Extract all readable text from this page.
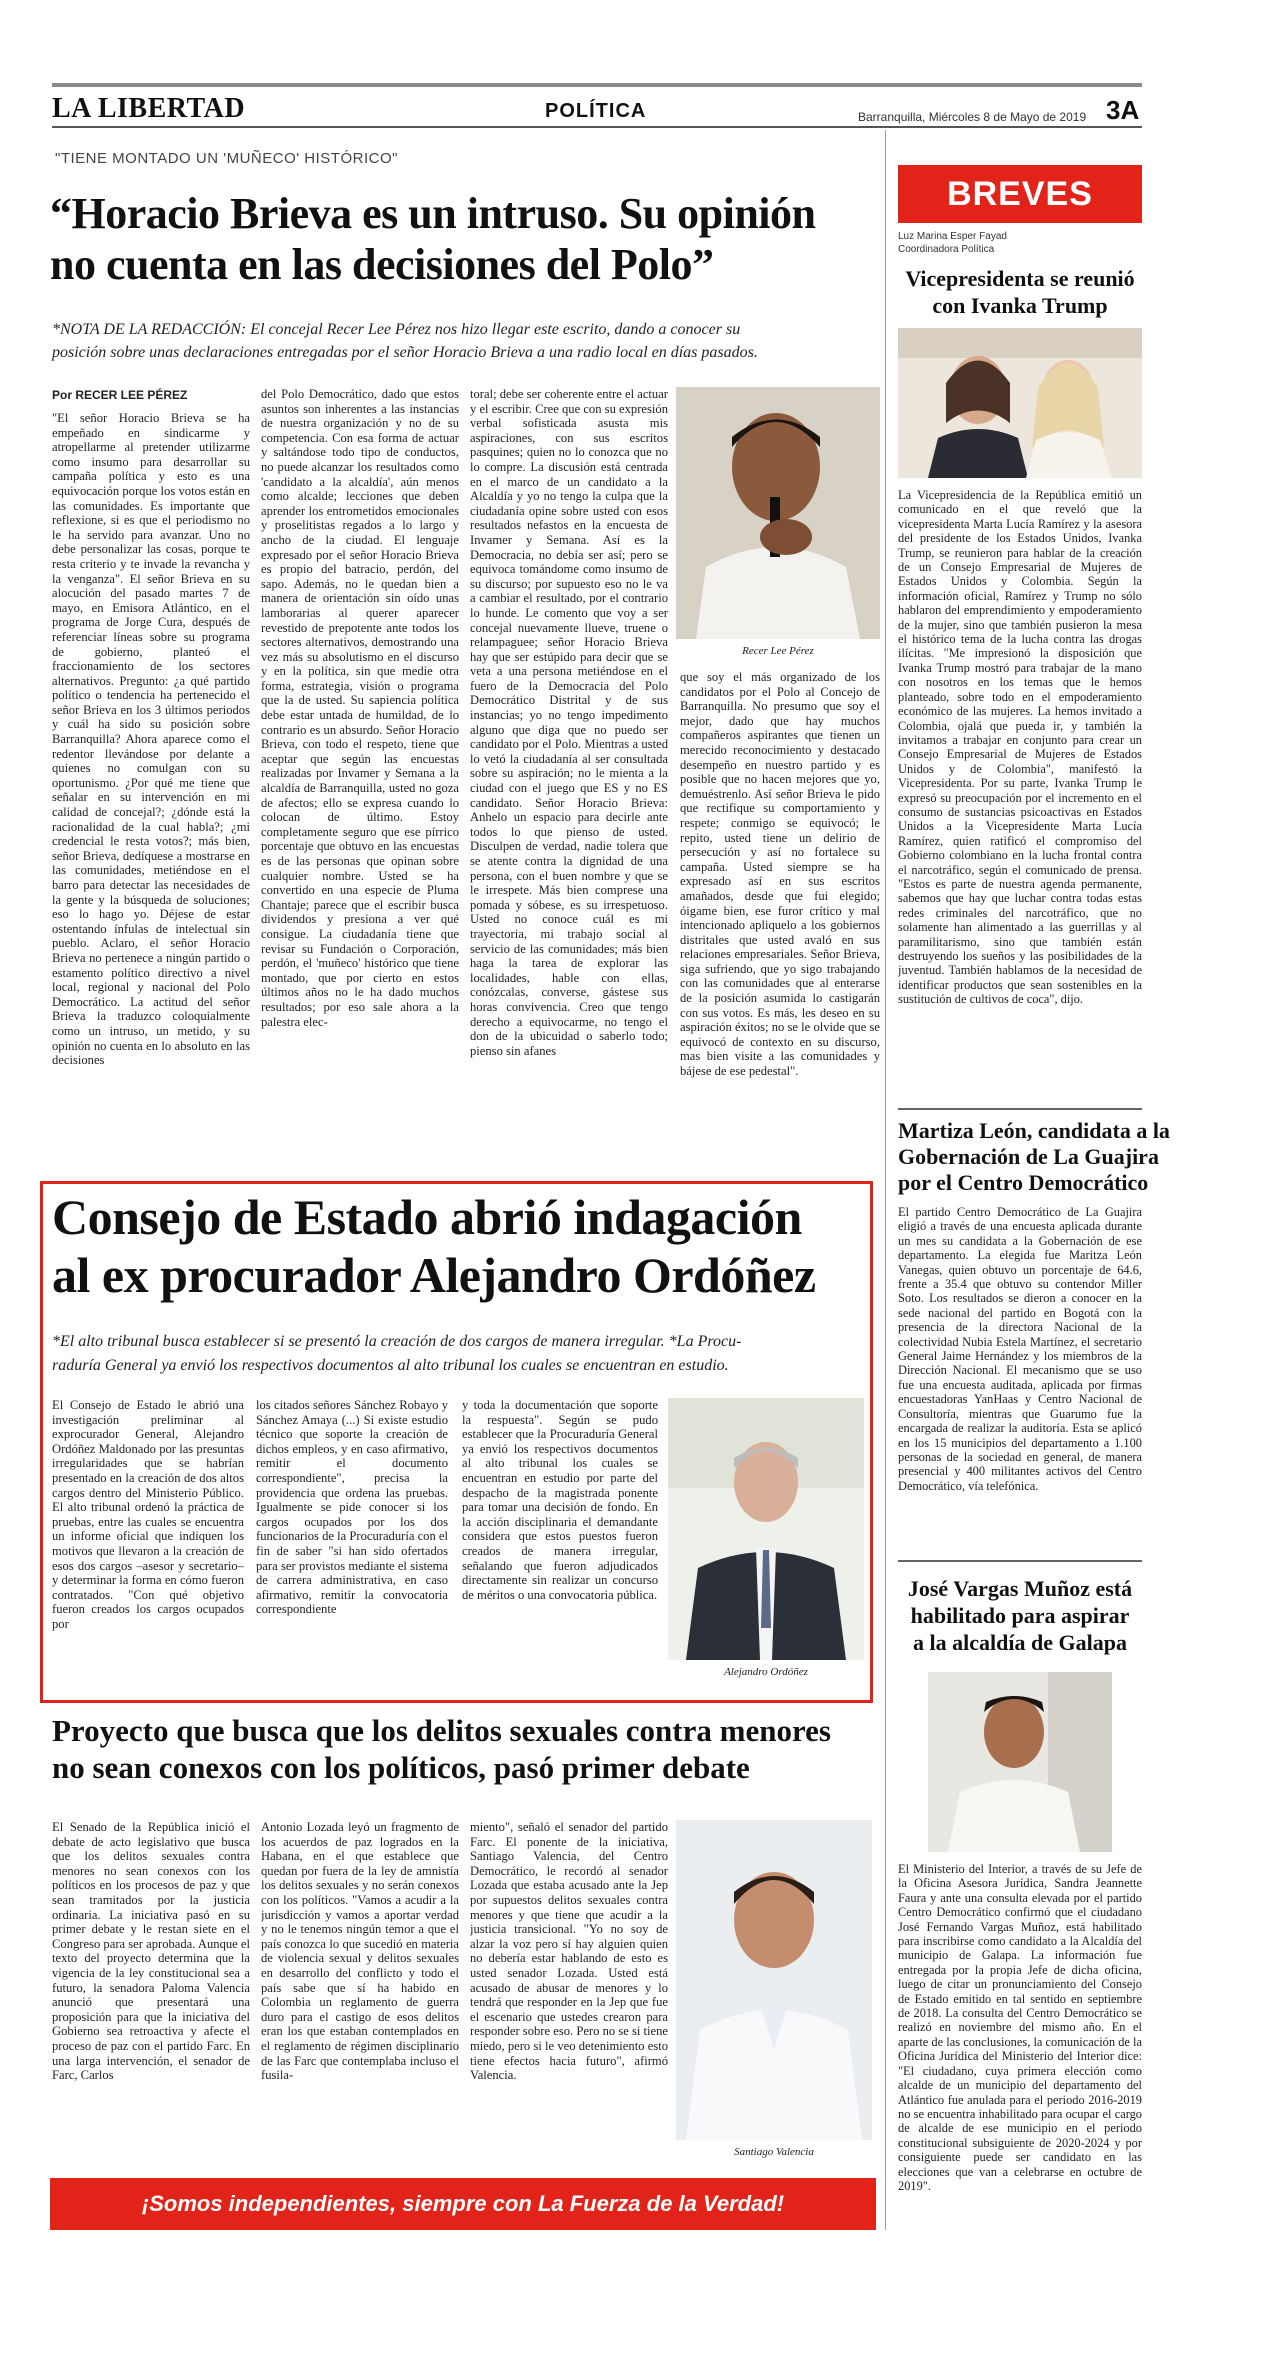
LA LIBERTAD	POLÍTICA	Barranquilla, Miércoles 8 de Mayo de 2019 3A
"TIENE MONTADO UN 'MUÑECO' HISTÓRICO"
“Horacio Brieva es un intruso. Su opinión
no cuenta en las decisiones del Polo”
*NOTA DE LA REDACCIÓN: El concejal Recer Lee Pérez nos hizo llegar este escrito, dando a conocer su
posición sobre unas declaraciones entregadas por el señor Horacio Brieva a una radio local en días pasados.
Por RECER LEE PÉREZ
"El señor Horacio Brieva se ha empeñado en sindicarme y atropellarme al pretender utilizarme como insumo para desarrollar su campaña política y esto es una equivocación porque los votos están en las comunidades. Es importante que reflexione, si es que el periodismo no le ha servido para avanzar. Uno no debe personalizar las cosas, porque te resta criterio y te invade la revancha y la venganza". El señor Brieva en su alocución del pasado martes 7 de mayo, en Emisora Atlántico, en el programa de Jorge Cura, después de referenciar líneas sobre su programa de gobierno, planteó el fraccionamiento de los sectores alternativos. Pregunto: ¿a qué partido político o tendencia ha pertenecido el señor Brieva en los 3 últimos periodos y cuál ha sido su posición sobre Barranquilla? Ahora aparece como el redentor llevándose por delante a quienes no comulgan con su oportunismo. ¿Por qué me tiene que señalar en su intervención en mi calidad de concejal?; ¿dónde está la racionalidad de la cual habla?; ¿mi credencial le resta votos?; más bien, señor Brieva, dedíquese a mostrarse en las comunidades, metiéndose en el barro para detectar las necesidades de la gente y la búsqueda de soluciones; eso lo hago yo. Déjese de estar ostentando ínfulas de intelectual sin pueblo. Aclaro, el señor Horacio Brieva no pertenece a ningún partido o estamento político directivo a nivel local, regional y nacional del Polo Democrático. La actitud del señor Brieva la traduzco coloquialmente como un intruso, un metido, y su opinión no cuenta en lo absoluto en las decisiones
del Polo Democrático, dado que estos asuntos son inherentes a las instancias de nuestra organización y no de su competencia. Con esa forma de actuar y saltándose todo tipo de conductos, no puede alcanzar los resultados como 'candidato a la alcaldía', aún menos como alcalde; lecciones que deben aprender los entrometidos emocionales y proselitistas regados a lo largo y ancho de la ciudad. El lenguaje expresado por el señor Horacio Brieva es propio del batracio, perdón, del sapo. Además, no le quedan bien a manera de orientación sin oído unas lamborarias al querer aparecer revestido de prepotente ante todos los sectores alternativos, demostrando una vez más su absolutismo en el discurso y en la política, sin que medie otra forma, estrategia, visión o programa que la de usted. Su sapiencia política debe estar untada de humildad, de lo contrario es un absurdo. Señor Horacio Brieva, con todo el respeto, tiene que aceptar que según las encuestas realizadas por Invamer y Semana a la alcaldía de Barranquilla, usted no goza de afectos; ello se expresa cuando lo colocan de último. Estoy completamente seguro que ese pírrico porcentaje que obtuvo en las encuestas es de las personas que opinan sobre cualquier nombre. Usted se ha convertido en una especie de Pluma Chantaje; parece que el escribir busca dividendos y presiona a ver qué consigue. La ciudadanía tiene que revisar su Fundación o Corporación, perdón, el 'muñeco' histórico que tiene montado, que por cierto en estos últimos años no le ha dado muchos resultados; por eso sale ahora a la palestra elec-
toral; debe ser coherente entre el actuar y el escribir. Cree que con su expresión verbal sofisticada asusta mis aspiraciones, con sus escritos pasquines; quien no lo conozca que no lo compre. La discusión está centrada en el marco de un candidato a la Alcaldía y yo no tengo la culpa que la ciudadanía opine sobre usted con esos resultados nefastos en la encuesta de Invamer y Semana. Así es la Democracia, no debía ser así; pero se equivoca tomándome como insumo de su discurso; por supuesto eso no le va a cambiar el resultado, por el contrario lo hunde. Le comento que voy a ser concejal nuevamente llueve, truene o relampaguee; señor Horacio Brieva hay que ser estúpido para decir que se veta a una persona metiéndose en el fuero de la Democracia del Polo Democrático Distrital y de sus instancias; yo no tengo impedimento alguno que diga que no puedo ser candidato por el Polo. Mientras a usted lo vetó la ciudadanía al ser consultada sobre su aspiración; no le mienta a la ciudad con el juego que ES y no ES candidato. Señor Horacio Brieva: Anhelo un espacio para decirle ante todos lo que pienso de usted. Disculpen de verdad, nadie tolera que se atente contra la dignidad de una persona, con el buen nombre y que se le irrespete. Más bien comprese una pomada y sóbese, es su irrespetuoso. Usted no conoce cuál es mi trayectoria, mi trabajo social al servicio de las comunidades; más bien haga la tarea de explorar las localidades, hable con ellas, conózcalas, converse, gástese sus horas convivencia. Creo que tengo derecho a equivocarme, no tengo el don de la ubicuidad o saberlo todo; pienso sin afanes
Recer Lee Pérez
que soy el más organizado de los candidatos por el Polo al Concejo de Barranquilla. No presumo que soy el mejor, dado que hay muchos compañeros aspirantes que tienen un merecido reconocimiento y destacado desempeño en nuestro partido y es posible que no hacen mejores que yo, demuéstrenlo. Así señor Brieva le pido que rectifique su comportamiento y respete; conmigo se equivocó; le repito, usted tiene un delirio de persecución y así no fortalece su campaña. Usted siempre se ha expresado así en sus escritos amañados, desde que fui elegido; óigame bien, ese furor crítico y mal intencionado apliquelo a los gobiernos distritales que usted avaló en sus relaciones empresariales. Señor Brieva, siga sufriendo, que yo sigo trabajando con las comunidades que al enterarse de la posición asumida lo castigarán con sus votos. Es más, les deseo en su aspiración éxitos; no se le olvide que se equivocó de contexto en su discurso, mas bien visite a las comunidades y bájese de ese pedestal".
BREVES
Luz Marina Esper Fayad
Coordinadora Política
Vicepresidenta se reunió
con Ivanka Trump
La Vicepresidencia de la República emitió un comunicado en el que reveló que la vicepresidenta Marta Lucía Ramírez y la asesora del presidente de los Estados Unidos, Ivanka Trump, se reunieron para hablar de la creación de un Consejo Empresarial de Mujeres de Estados Unidos y Colombia. Según la información oficial, Ramírez y Trump no sólo hablaron del emprendimiento y empoderamiento de la mujer, sino que también pusieron la mesa el histórico tema de la lucha contra las drogas ilícitas. "Me impresionó la disposición que Ivanka Trump mostró para trabajar de la mano con nosotros en los temas que le hemos planteado, sobre todo en el empoderamiento económico de las mujeres. La hemos invitado a Colombia, ojalá que pueda ir, y también la invitamos a trabajar en conjunto para crear un Consejo Empresarial de Mujeres de Estados Unidos y de Colombia", manifestó la Vicepresidenta. Por su parte, Ivanka Trump le expresó su preocupación por el incremento en el consumo de sustancias psicoactivas en Estados Unidos a la Vicepresidente Marta Lucía Ramírez, quien ratificó el compromiso del Gobierno colombiano en la lucha frontal contra el narcotráfico, según el comunicado de prensa. "Estos es parte de nuestra agenda permanente, sabemos que hay que luchar contra todas estas redes criminales del narcotráfico, que no solamente han alimentado a las guerrillas y al paramilitarismo, sino que también están destruyendo los sueños y las posibilidades de la juventud. También hablamos de la necesidad de identificar productos que sean sostenibles en la sustitución de cultivos de coca", dijo.
Martiza León, candidata a la
Gobernación de La Guajira
por el Centro Democrático
El partido Centro Democrático de La Guajira eligió a través de una encuesta aplicada durante un mes su candidata a la Gobernación de ese departamento. La elegida fue Maritza León Vanegas, quien obtuvo un porcentaje de 64.6, frente a 35.4 que obtuvo su contendor Miller Soto. Los resultados se dieron a conocer en la sede nacional del partido en Bogotá con la presencia de la directora Nacional de la colectividad Nubia Estela Martínez, el secretario General Jaime Hernández y los miembros de la Dirección Nacional. El mecanismo que se uso fue una encuesta auditada, aplicada por firmas encuestadoras YanHaas y Centro Nacional de Consultoría, mientras que Guarumo fue la encargada de realizar la auditoría. Esta se aplicó en los 15 municipios del departamento a 1.100 personas de la sociedad en general, de manera presencial y 400 militantes activos del Centro Democrático, vía telefónica.
José Vargas Muñoz está
habilitado para aspirar
a la alcaldía de Galapa
El Ministerio del Interior, a través de su Jefe de la Oficina Asesora Jurídica, Sandra Jeannette Faura y ante una consulta elevada por el partido Centro Democrático confirmó que el ciudadano José Fernando Vargas Muñoz, está habilitado para inscribirse como candidato a la Alcaldía del municipio de Galapa. La información fue entregada por la propia Jefe de dicha oficina, luego de citar un pronunciamiento del Consejo de Estado emitido en tal sentido en septiembre de 2018. La consulta del Centro Democrático se realizó en noviembre del mismo año. En el aparte de las conclusiones, la comunicación de la Oficina Jurídica del Ministerio del Interior dice: "El ciudadano, cuya primera elección como alcalde de un municipio del departamento del Atlántico fue anulada para el periodo 2016-2019 no se encuentra inhabilitado para ocupar el cargo de alcalde de ese municipio en el periodo constitucional subsiguiente de 2020-2024 y por consiguiente puede ser candidato en las elecciones que van a celebrarse en octubre de 2019".
Consejo de Estado abrió indagación
al ex procurador Alejandro Ordóñez
*El alto tribunal busca establecer si se presentó la creación de dos cargos de manera irregular. *La Procu-
raduría General ya envió los respectivos documentos al alto tribunal los cuales se encuentran en estudio.
El Consejo de Estado le abrió una investigación preliminar al exprocurador General, Alejandro Ordóñez Maldonado por las presuntas irregularidades que se habrían presentado en la creación de dos altos cargos dentro del Ministerio Público. El alto tribunal ordenó la práctica de pruebas, entre las cuales se encuentra un informe oficial que indiquen los motivos que llevaron a la creación de esos dos cargos –asesor y secretario– y determinar la forma en cómo fueron contratados. "Con qué objetivo fueron creados los cargos ocupados por
los citados señores Sánchez Robayo y Sánchez Amaya (...) Si existe estudio técnico que soporte la creación de dichos empleos, y en caso afirmativo, remitir el documento correspondiente", precisa la providencia que ordena las pruebas. Igualmente se pide conocer si los cargos ocupados por los dos funcionarios de la Procuraduría con el fin de saber "si han sido ofertados para ser provistos mediante el sistema de carrera administrativa, en caso afirmativo, remitir la convocatoria correspondiente
y toda la documentación que soporte la respuesta". Según se pudo establecer que la Procuraduría General ya envió los respectivos documentos al alto tribunal los cuales se encuentran en estudio por parte del despacho de la magistrada ponente para tomar una decisión de fondo. En la acción disciplinaria el demandante considera que estos puestos fueron creados de manera irregular, señalando que fueron adjudicados directamente sin realizar un concurso de méritos o una convocatoria pública.
Alejandro Ordóñez
Proyecto que busca que los delitos sexuales contra menores
no sean conexos con los políticos, pasó primer debate
El Senado de la República inició el debate de acto legislativo que busca que los delitos sexuales contra menores no sean conexos con los políticos en los procesos de paz y que sean tramitados por la justicia ordinaria. La iniciativa pasó en su primer debate y le restan siete en el Congreso para ser aprobada. Aunque el texto del proyecto determina que la vigencia de la ley constitucional sea a futuro, la senadora Paloma Valencia anunció que presentará una proposición para que la iniciativa del Gobierno sea retroactiva y afecte el proceso de paz con el partido Farc. En una larga intervención, el senador de Farc, Carlos
Antonio Lozada leyó un fragmento de los acuerdos de paz logrados en la Habana, en el que establece que quedan por fuera de la ley de amnistía los delitos sexuales y no serán conexos con los políticos. "Vamos a acudir a la jurisdicción y vamos a aportar verdad y no le tenemos ningún temor a que el país conozca lo que sucedió en materia de violencia sexual y delitos sexuales en desarrollo del conflicto y todo el país sabe que sí ha habido en Colombia un reglamento de guerra duro para el castigo de esos delitos eran los que estaban contemplados en el reglamento de régimen disciplinario de las Farc que contemplaba incluso el fusila-
miento", señaló el senador del partido Farc. El ponente de la iniciativa, Santiago Valencia, del Centro Democrático, le recordó al senador Lozada que estaba acusado ante la Jep por supuestos delitos sexuales contra menores y que tiene que acudir a la justicia transicional. "Yo no soy de alzar la voz pero sí hay alguien quien no debería estar hablando de esto es usted senador Lozada. Usted está acusado de abusar de menores y lo tendrá que responder en la Jep que fue el escenario que ustedes crearon para responder sobre eso. Pero no se si tiene miedo, pero si le veo detenimiento esto tiene efectos hacia futuro", afirmó Valencia.
Santiago Valencia
¡Somos independientes, siempre con La Fuerza de la Verdad!
